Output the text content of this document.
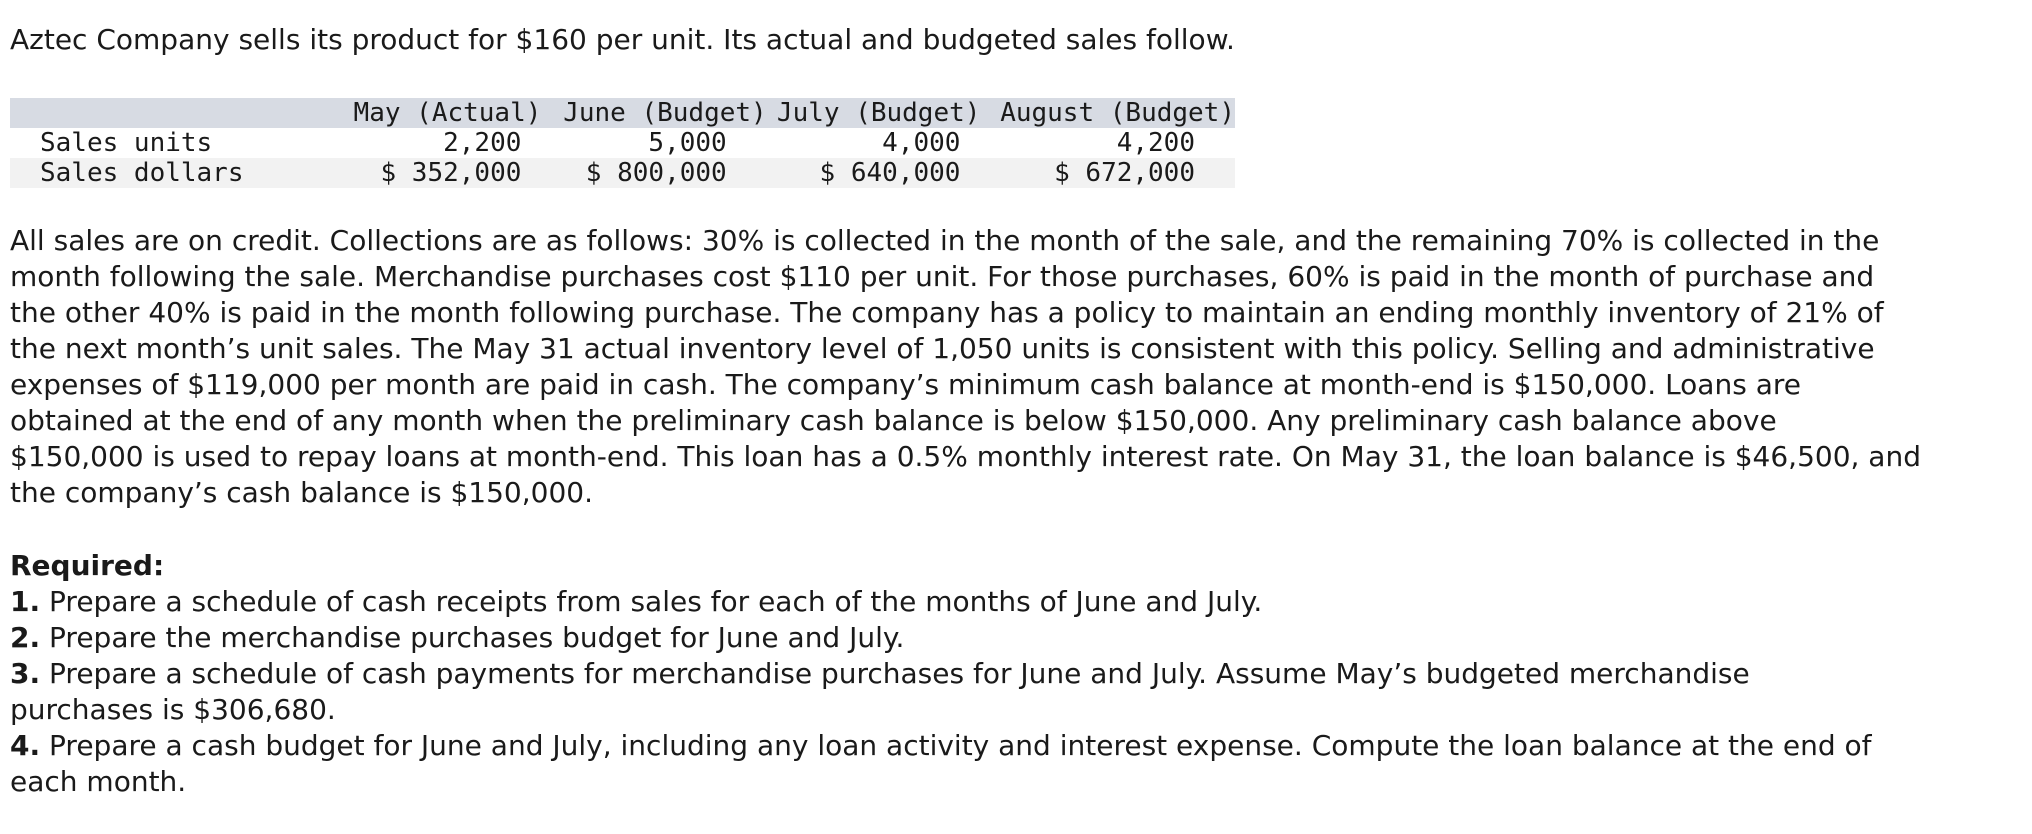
Aztec Company sells its product for $160 per unit. Its actual and budgeted sales follow.
	May (Actual)	June (Budget)	July (Budget)	August (Budget)
Sales units	2,200	5,000	4,000	4,200
Sales dollars	$ 352,000	$ 800,000	$ 640,000	$ 672,000
All sales are on credit. Collections are as follows: 30% is collected in the month of the sale, and the remaining 70% is collected in the
month following the sale. Merchandise purchases cost $110 per unit. For those purchases, 60% is paid in the month of purchase and
the other 40% is paid in the month following purchase. The company has a policy to maintain an ending monthly inventory of 21% of
the next month’s unit sales. The May 31 actual inventory level of 1,050 units is consistent with this policy. Selling and administrative
expenses of $119,000 per month are paid in cash. The company’s minimum cash balance at month-end is $150,000. Loans are
obtained at the end of any month when the preliminary cash balance is below $150,000. Any preliminary cash balance above
$150,000 is used to repay loans at month-end. This loan has a 0.5% monthly interest rate. On May 31, the loan balance is $46,500, and
the company’s cash balance is $150,000.
Required:
1. Prepare a schedule of cash receipts from sales for each of the months of June and July.
2. Prepare the merchandise purchases budget for June and July.
3. Prepare a schedule of cash payments for merchandise purchases for June and July. Assume May’s budgeted merchandise
purchases is $306,680.
4. Prepare a cash budget for June and July, including any loan activity and interest expense. Compute the loan balance at the end of
each month.
